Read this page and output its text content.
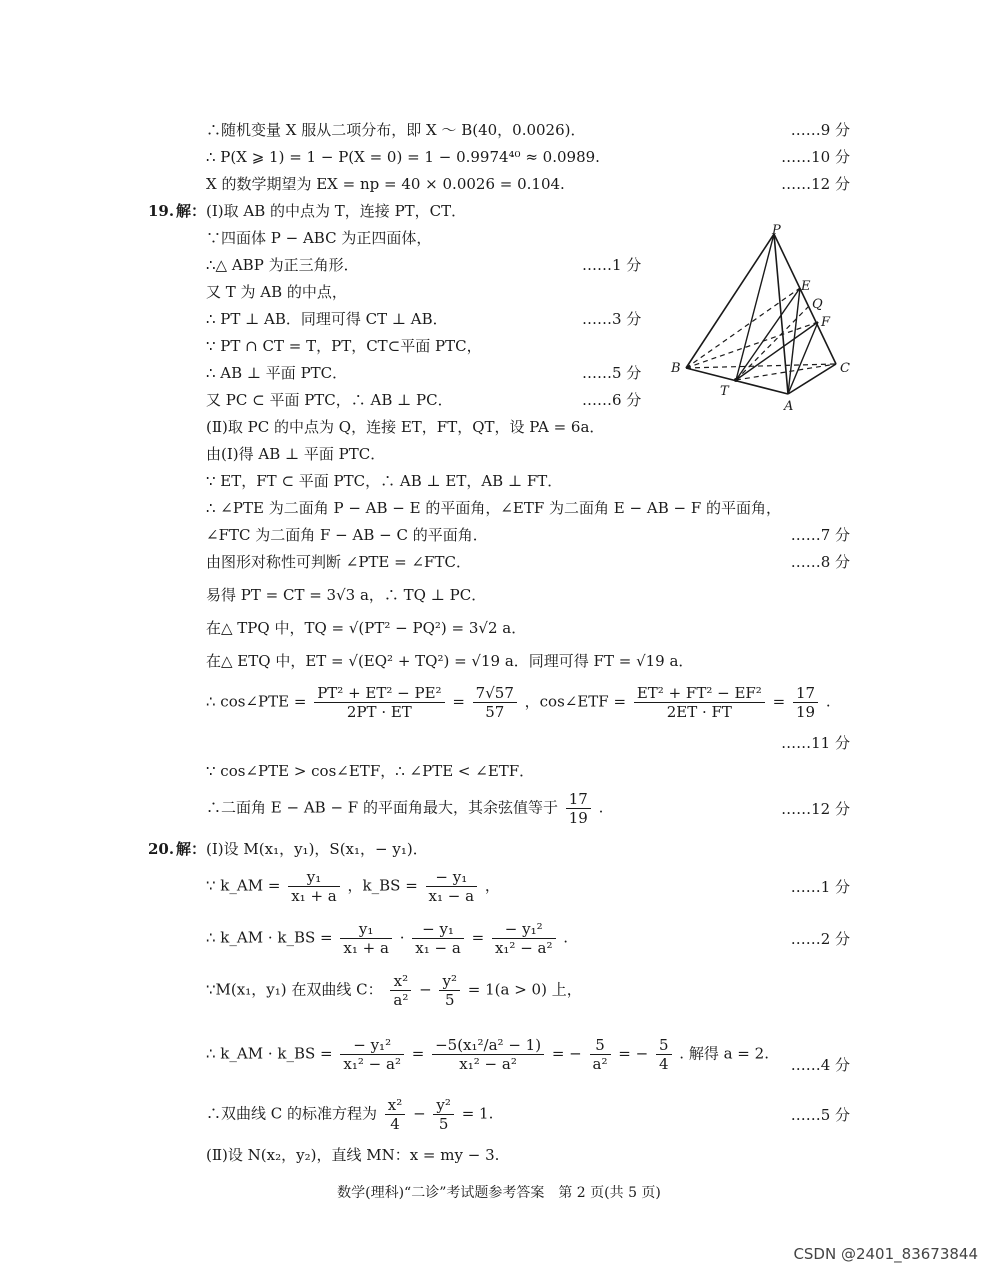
∴随机变量 X 服从二项分布，即 X ～ B(40，0.0026)．	……9 分
∴ P(X ⩾ 1) = 1 − P(X = 0) = 1 − 0.9974⁴⁰ ≈ 0.0989.	……10 分
X 的数学期望为 EX = np = 40 × 0.0026 = 0.104.	……12 分
19. 解： (Ⅰ)取 AB 的中点为 T，连接 PT，CT．
∵四面体 P − ABC 为正四面体，
∴△ ABP 为正三角形．	……1 分
又 T 为 AB 的中点，
∴ PT ⊥ AB．同理可得 CT ⊥ AB．	……3 分
∵ PT ∩ CT = T，PT，CT⊂平面 PTC，
∴ AB ⊥ 平面 PTC．	……5 分
又 PC ⊂ 平面 PTC，∴ AB ⊥ PC．	……6 分
P
E
Q
F
B	C
T
A
(Ⅱ)取 PC 的中点为 Q，连接 ET，FT，QT，设 PA = 6a．
由(Ⅰ)得 AB ⊥ 平面 PTC．
∵ ET，FT ⊂ 平面 PTC，∴ AB ⊥ ET，AB ⊥ FT．
∴ ∠PTE 为二面角 P − AB − E 的平面角，∠ETF 为二面角 E − AB − F 的平面角，
∠FTC 为二面角 F − AB − C 的平面角．	……7 分
由图形对称性可判断 ∠PTE = ∠FTC．	……8 分
易得 PT = CT = 3√3 a，∴ TQ ⊥ PC．
在△ TPQ 中，TQ = √(PT² − PQ²) = 3√2 a．
在△ ETQ 中，ET = √(EQ² + TQ²) = √19 a．同理可得 FT = √19 a．
∴ cos∠PTE = $\frac{\text{PT² + ET² − PE²}}{2PT \cdot ET} = \frac{7√57}{57}$ ，cos∠ETF = $\frac{\text{ET² + FT² − EF²}}{2ET \cdot FT} = \frac{17}{19}$ .
……11 分
∵ cos∠PTE > cos∠ETF，∴ ∠PTE < ∠ETF．
∴二面角 E − AB − F 的平面角最大，其余弦值等于 $\frac{17}{19}$ .	……12 分
20. 解： (Ⅰ)设 M(x₁，y₁)，S(x₁，− y₁)．
∵ k_AM = $\frac{\text{y₁}}{\text{x₁ + a}}$ ，k_BS = $\frac{\text{− y₁}}{\text{x₁ − a}}$ ，	……1 分
∴ k_AM · k_BS = $\frac{\text{y₁}}{\text{x₁ + a}} \cdot \frac{\text{− y₁}}{\text{x₁ − a}} = \frac{\text{− y₁²}}{\text{x₁² − a²}}$ .	……2 分
∵M(x₁，y₁) 在双曲线 C： $\frac{\text{x²}}{\text{a²}} - \frac{\text{y²}}{5} = 1(a > 0)$ 上，
∴ k_AM · k_BS = $\frac{\text{− y₁²}}{\text{x₁² − a²}} = \frac{\text{−5(x₁²/a² − 1)}}{\text{x₁² − a²}}$ = − $\frac{5}{\text{a²}}$ = − $\frac{5}{4}$ . 解得 a = 2.
……4 分
∴双曲线 C 的标准方程为 $\frac{\text{x²}}{4} - \frac{\text{y²}}{5} = 1$.	……5 分
(Ⅱ)设 N(x₂，y₂)，直线 MN：x = my − 3.
数学(理科)“二诊”考试题参考答案　第 2 页(共 5 页)
CSDN @2401_83673844
